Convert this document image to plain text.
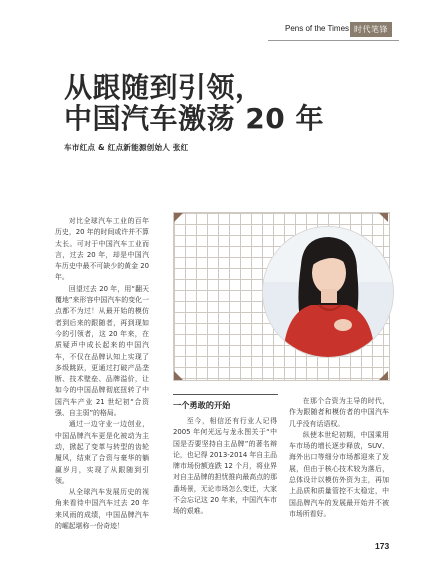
Pens of the Times 时代笔锋
从跟随到引领，
中国汽车激荡 20 年
车市红点 & 红点新能源创始人 张红

对比全球汽车工业的百年历史，20 年的时间或许并不算太长。可对于中国汽车工业而言，过去 20 年，却是中国汽车历史中最不可缺少的黄金 20 年。

回望过去 20 年，用“翻天覆地”来形容中国汽车的变化一点都不为过！从最开始的模仿者到后来的跟随者，再到现如今的引领者，这 20 年来，在质疑声中成长起来的中国汽车，不仅在品牌认知上实现了多级跳跃，更通过打破产品垄断、技术壁垒、品牌溢价，让如今的中国品牌彻底扭转了中国汽车产业 21 世纪初“合资强、自主弱”的格局。

通过一边守业一边创业，中国品牌汽车更是化被动为主动，掀起了变革与转型的齿轮履风，结束了合资与豪华的躺赢岁月，实现了从跟随到引领。

从全球汽车发展历史的视角来看待中国汽车过去 20 年来风雨的成绩，中国品牌汽车的崛起堪称一份奇迹！

一个勇敢的开始

至今，相信还有行业人记得 2005 年何光远与龙永图关于“中国是否要坚持自主品牌”的著名辩论，也记得 2013-2014 年自主品牌市场份额连跌 12 个月，将业界对自主品牌的担忧推向最高点的那番场景，无论市场怎么变迁，大家不会忘记这 20 年来，中国汽车市场的艰难。

在那个合资为主导的时代，作为跟随者和模仿者的中国汽车几乎没有话语权。

纵使本世纪初期，中国乘用车市场的增长逐步释放，SUV、海外出口等细分市场都迎来了发展，但由于核心技术较为落后，总体设计以模仿外资为主，再加上品质和质量管控不太稳定，中国品牌汽车的发展最开始并不被市场所看好。

173
